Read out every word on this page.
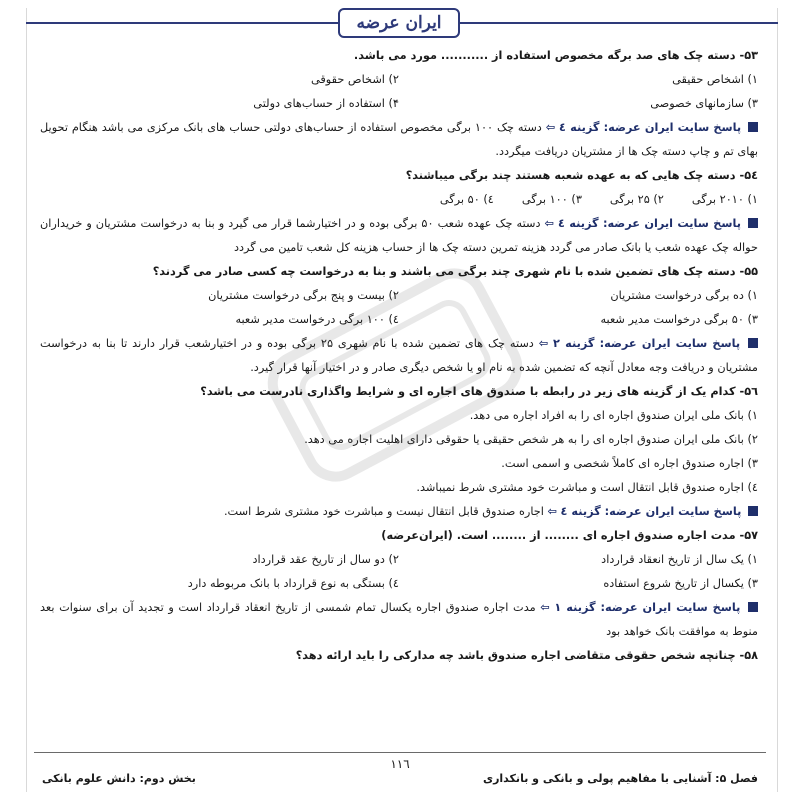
ایران عرضه
۵۳- دسته چک های صد برگه مخصوص استفاده از ........... مورد می باشد.
۱) اشخاص حقیقی
۲) اشخاص حقوقی
۳) سازمانهای خصوصی
۴) استفاده از حساب‌های دولتی
پاسخ سایت ایران عرضه: گزینه ٤ ⇦ دسته چک ۱۰۰ برگی مخصوص استفاده از حساب‌های دولتی حساب های بانک مرکزی می باشد هنگام تحویل بهای تم و چاپ دسته چک ها از مشتریان دریافت میگردد.
۵٤- دسته چک هایی که به عهده شعبه هستند چند برگی میباشند؟
۱) ۲۰۱۰ برگی
۲) ۲۵ برگی
۳) ۱۰۰ برگی
٤) ۵۰ برگی
پاسخ سایت ایران عرضه: گزینه ٤ ⇦ دسته چک عهده شعب ۵۰ برگی بوده و در اختیارشما قرار می گیرد و بنا به درخواست مشتریان و خریداران حواله چک عهده شعب یا بانک صادر می گردد هزینه تمرین دسته چک ها از حساب هزینه کل شعب تامین می گردد
۵۵- دسته چک های تضمین شده با نام شهری چند برگی می باشند و بنا به درخواست چه کسی صادر می گردند؟
۱) ده برگی درخواست مشتریان
۲) بیست و پنج برگی درخواست مشتریان
۳) ۵۰ برگی درخواست مدیر شعبه
٤) ۱۰۰ برگی درخواست مدیر شعبه
پاسخ سایت ایران عرضه: گزینه ۲ ⇦ دسته چک های تضمین شده با نام شهری ۲۵ برگی بوده و در اختیارشعب قرار دارند تا بنا به درخواست مشتریان و دریافت وجه معادل آنچه که تضمین شده به نام او یا شخص دیگری صادر و در اختیار آنها قرار گیرد.
۵٦- کدام یک از گزینه های زیر در رابطه با صندوق های اجاره ای و شرایط واگذاری نادرست می باشد؟
۱) بانک ملی ایران صندوق اجاره ای را به افراد اجاره می دهد.
۲) بانک ملی ایران صندوق اجاره ای را به هر شخص حقیقی یا حقوقی دارای اهلیت اجاره می دهد.
۳) اجاره صندوق اجاره ای کاملاً شخصی و اسمی است.
٤) اجاره صندوق قابل انتقال است و مباشرت خود مشتری شرط نمیباشد.
پاسخ سایت ایران عرضه: گزینه ٤ ⇦ اجاره صندوق قابل انتقال نیست و مباشرت خود مشتری شرط است.
۵۷- مدت اجاره صندوق اجاره ای ........ از ........ است. (ایران‌عرضه)
۱) یک سال از تاریخ انعقاد قرارداد
۲) دو سال از تاریخ عقد قرارداد
۳) یکسال از تاریخ شروع استفاده
٤) بستگی به نوع قرارداد با بانک مربوطه دارد
پاسخ سایت ایران عرضه: گزینه ۱ ⇦ مدت اجاره صندوق اجاره یکسال تمام شمسی از تاریخ انعقاد قرارداد است و تجدید آن برای سنوات بعد منوط به موافقت بانک خواهد بود
۵۸- چنانچه شخص حقوقی متقاضی اجاره صندوق باشد چه مدارکی را باید ارائه دهد؟
۱۱٦
فصل ۵: آشنایی با مفاهیم پولی و بانکی و بانکداری
بخش دوم: دانش علوم بانکی
